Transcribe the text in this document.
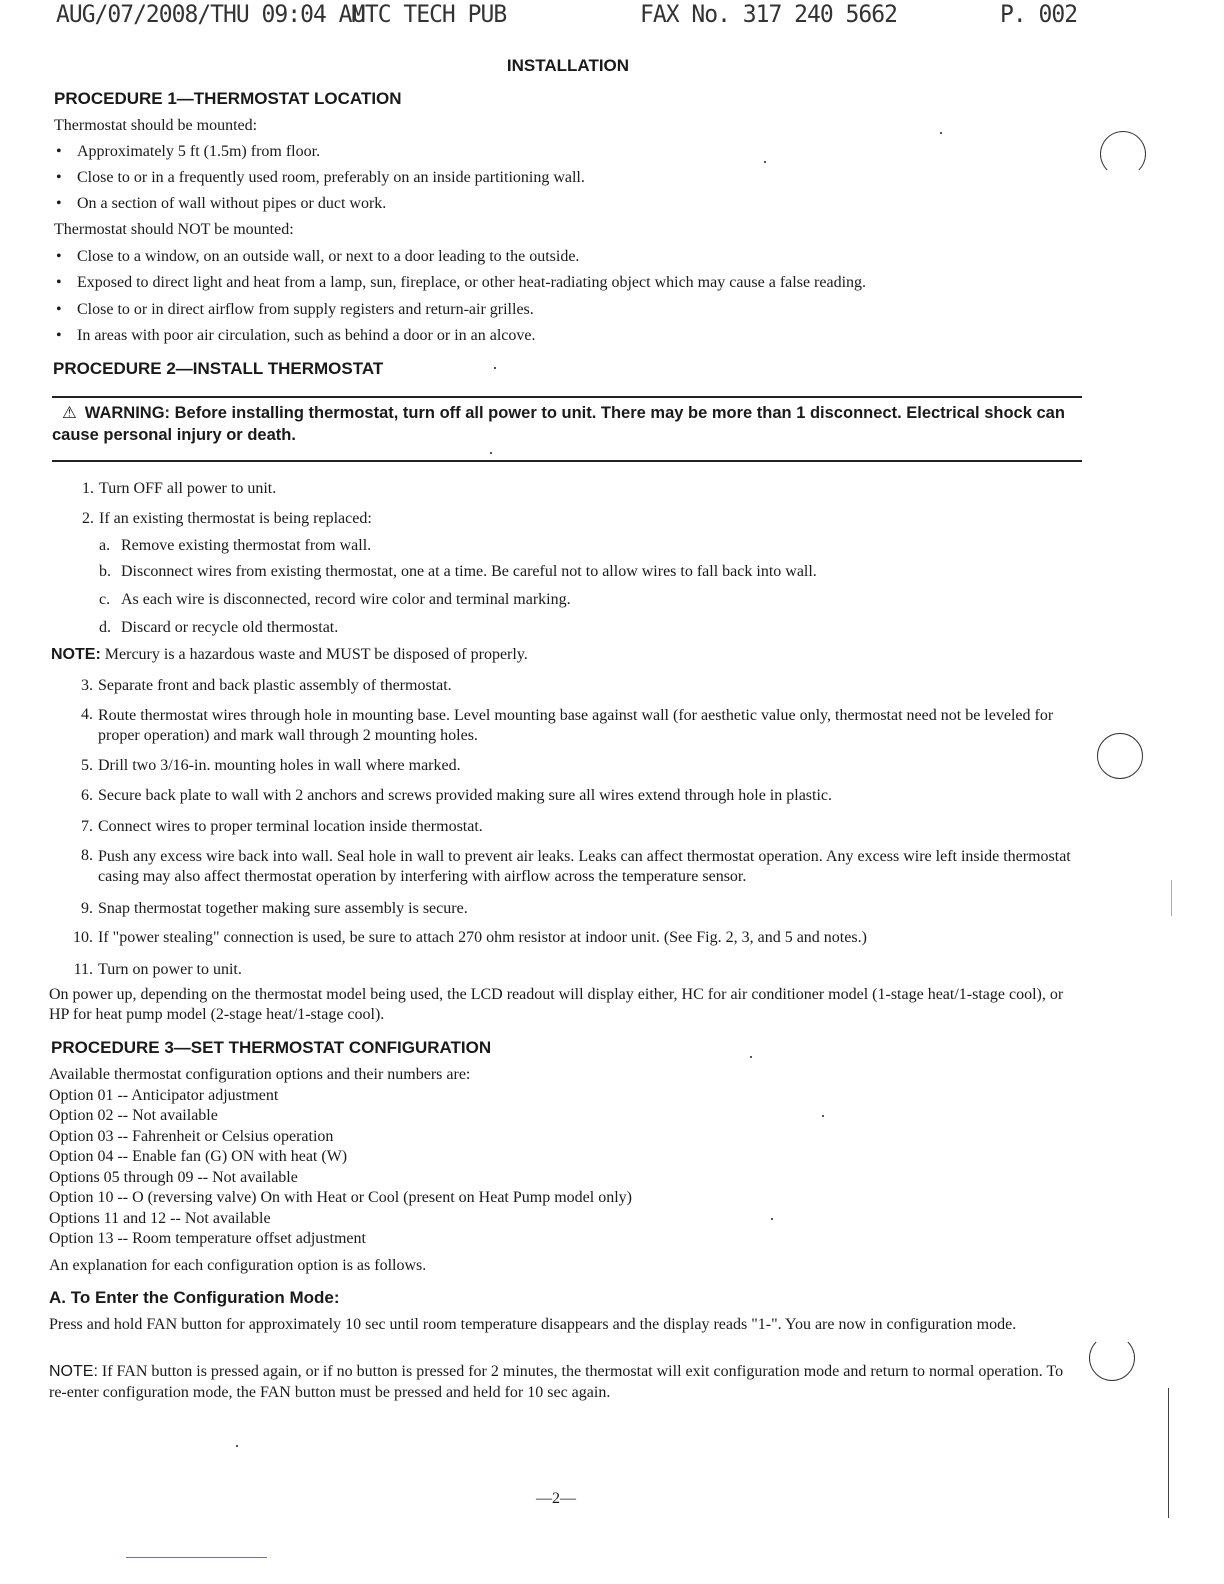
AUG/07/2008/THU 09:04 AM
UTC TECH PUB	FAX No. 317 240 5662	P. 002
INSTALLATION
PROCEDURE 1—THERMOSTAT LOCATION
Thermostat should be mounted:
• Approximately 5 ft (1.5m) from floor.
• Close to or in a frequently used room, preferably on an inside partitioning wall.
• On a section of wall without pipes or duct work.
Thermostat should NOT be mounted:
• Close to a window, on an outside wall, or next to a door leading to the outside.
• Exposed to direct light and heat from a lamp, sun, fireplace, or other heat-radiating object which may cause a false reading.
• Close to or in direct airflow from supply registers and return-air grilles.
• In areas with poor air circulation, such as behind a door or in an alcove.
PROCEDURE 2—INSTALL THERMOSTAT
⚠ WARNING: Before installing thermostat, turn off all power to unit. There may be more than 1 disconnect. Electrical shock can cause personal injury or death.
1. Turn OFF all power to unit.
2. If an existing thermostat is being replaced:
a. Remove existing thermostat from wall.
b. Disconnect wires from existing thermostat, one at a time. Be careful not to allow wires to fall back into wall.
c. As each wire is disconnected, record wire color and terminal marking.
d. Discard or recycle old thermostat.
NOTE: Mercury is a hazardous waste and MUST be disposed of properly.
3. Separate front and back plastic assembly of thermostat.
4. Route thermostat wires through hole in mounting base. Level mounting base against wall (for aesthetic value only, thermostat need not be leveled for proper operation) and mark wall through 2 mounting holes.
5. Drill two 3/16-in. mounting holes in wall where marked.
6. Secure back plate to wall with 2 anchors and screws provided making sure all wires extend through hole in plastic.
7. Connect wires to proper terminal location inside thermostat.
8. Push any excess wire back into wall. Seal hole in wall to prevent air leaks. Leaks can affect thermostat operation. Any excess wire left inside thermostat casing may also affect thermostat operation by interfering with airflow across the temperature sensor.
9. Snap thermostat together making sure assembly is secure.
10. If "power stealing" connection is used, be sure to attach 270 ohm resistor at indoor unit. (See Fig. 2, 3, and 5 and notes.)
11. Turn on power to unit.
On power up, depending on the thermostat model being used, the LCD readout will display either, HC for air conditioner model (1-stage heat/1-stage cool), or HP for heat pump model (2-stage heat/1-stage cool).
PROCEDURE 3—SET THERMOSTAT CONFIGURATION
Available thermostat configuration options and their numbers are:
Option 01 -- Anticipator adjustment
Option 02 -- Not available
Option 03 -- Fahrenheit or Celsius operation
Option 04 -- Enable fan (G) ON with heat (W)
Options 05 through 09 -- Not available
Option 10 -- O (reversing valve) On with Heat or Cool (present on Heat Pump model only)
Options 11 and 12 -- Not available
Option 13 -- Room temperature offset adjustment
An explanation for each configuration option is as follows.
A. To Enter the Configuration Mode:
Press and hold FAN button for approximately 10 sec until room temperature disappears and the display reads "1-". You are now in configuration mode.
NOTE: If FAN button is pressed again, or if no button is pressed for 2 minutes, the thermostat will exit configuration mode and return to normal operation. To re-enter configuration mode, the FAN button must be pressed and held for 10 sec again.
—2—
